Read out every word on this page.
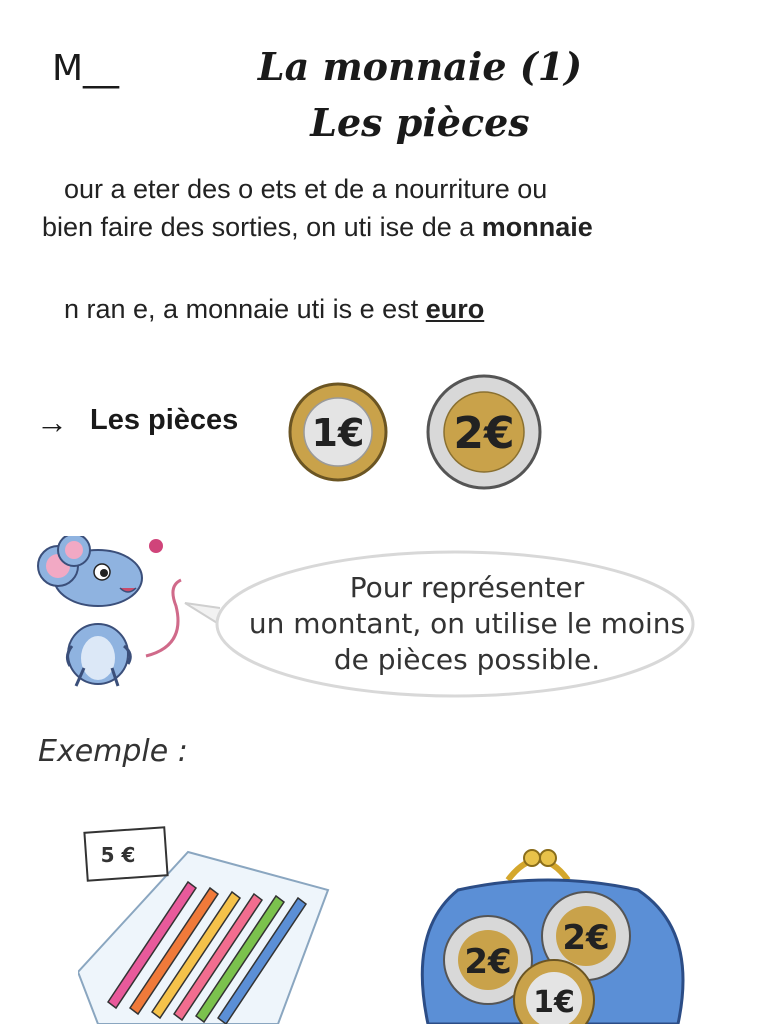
M__	La monnaie (1)
Les pièces
our a eter des o ets et de a nourriture ou
bien faire des sorties, on uti ise de a monnaie
n ran e, a monnaie uti is e est euro
→ Les pièces 1€ 2€
Pour représenter
un montant, on utilise le moins
de pièces possible.
Exemple :
5 €
2€
2€
1€
